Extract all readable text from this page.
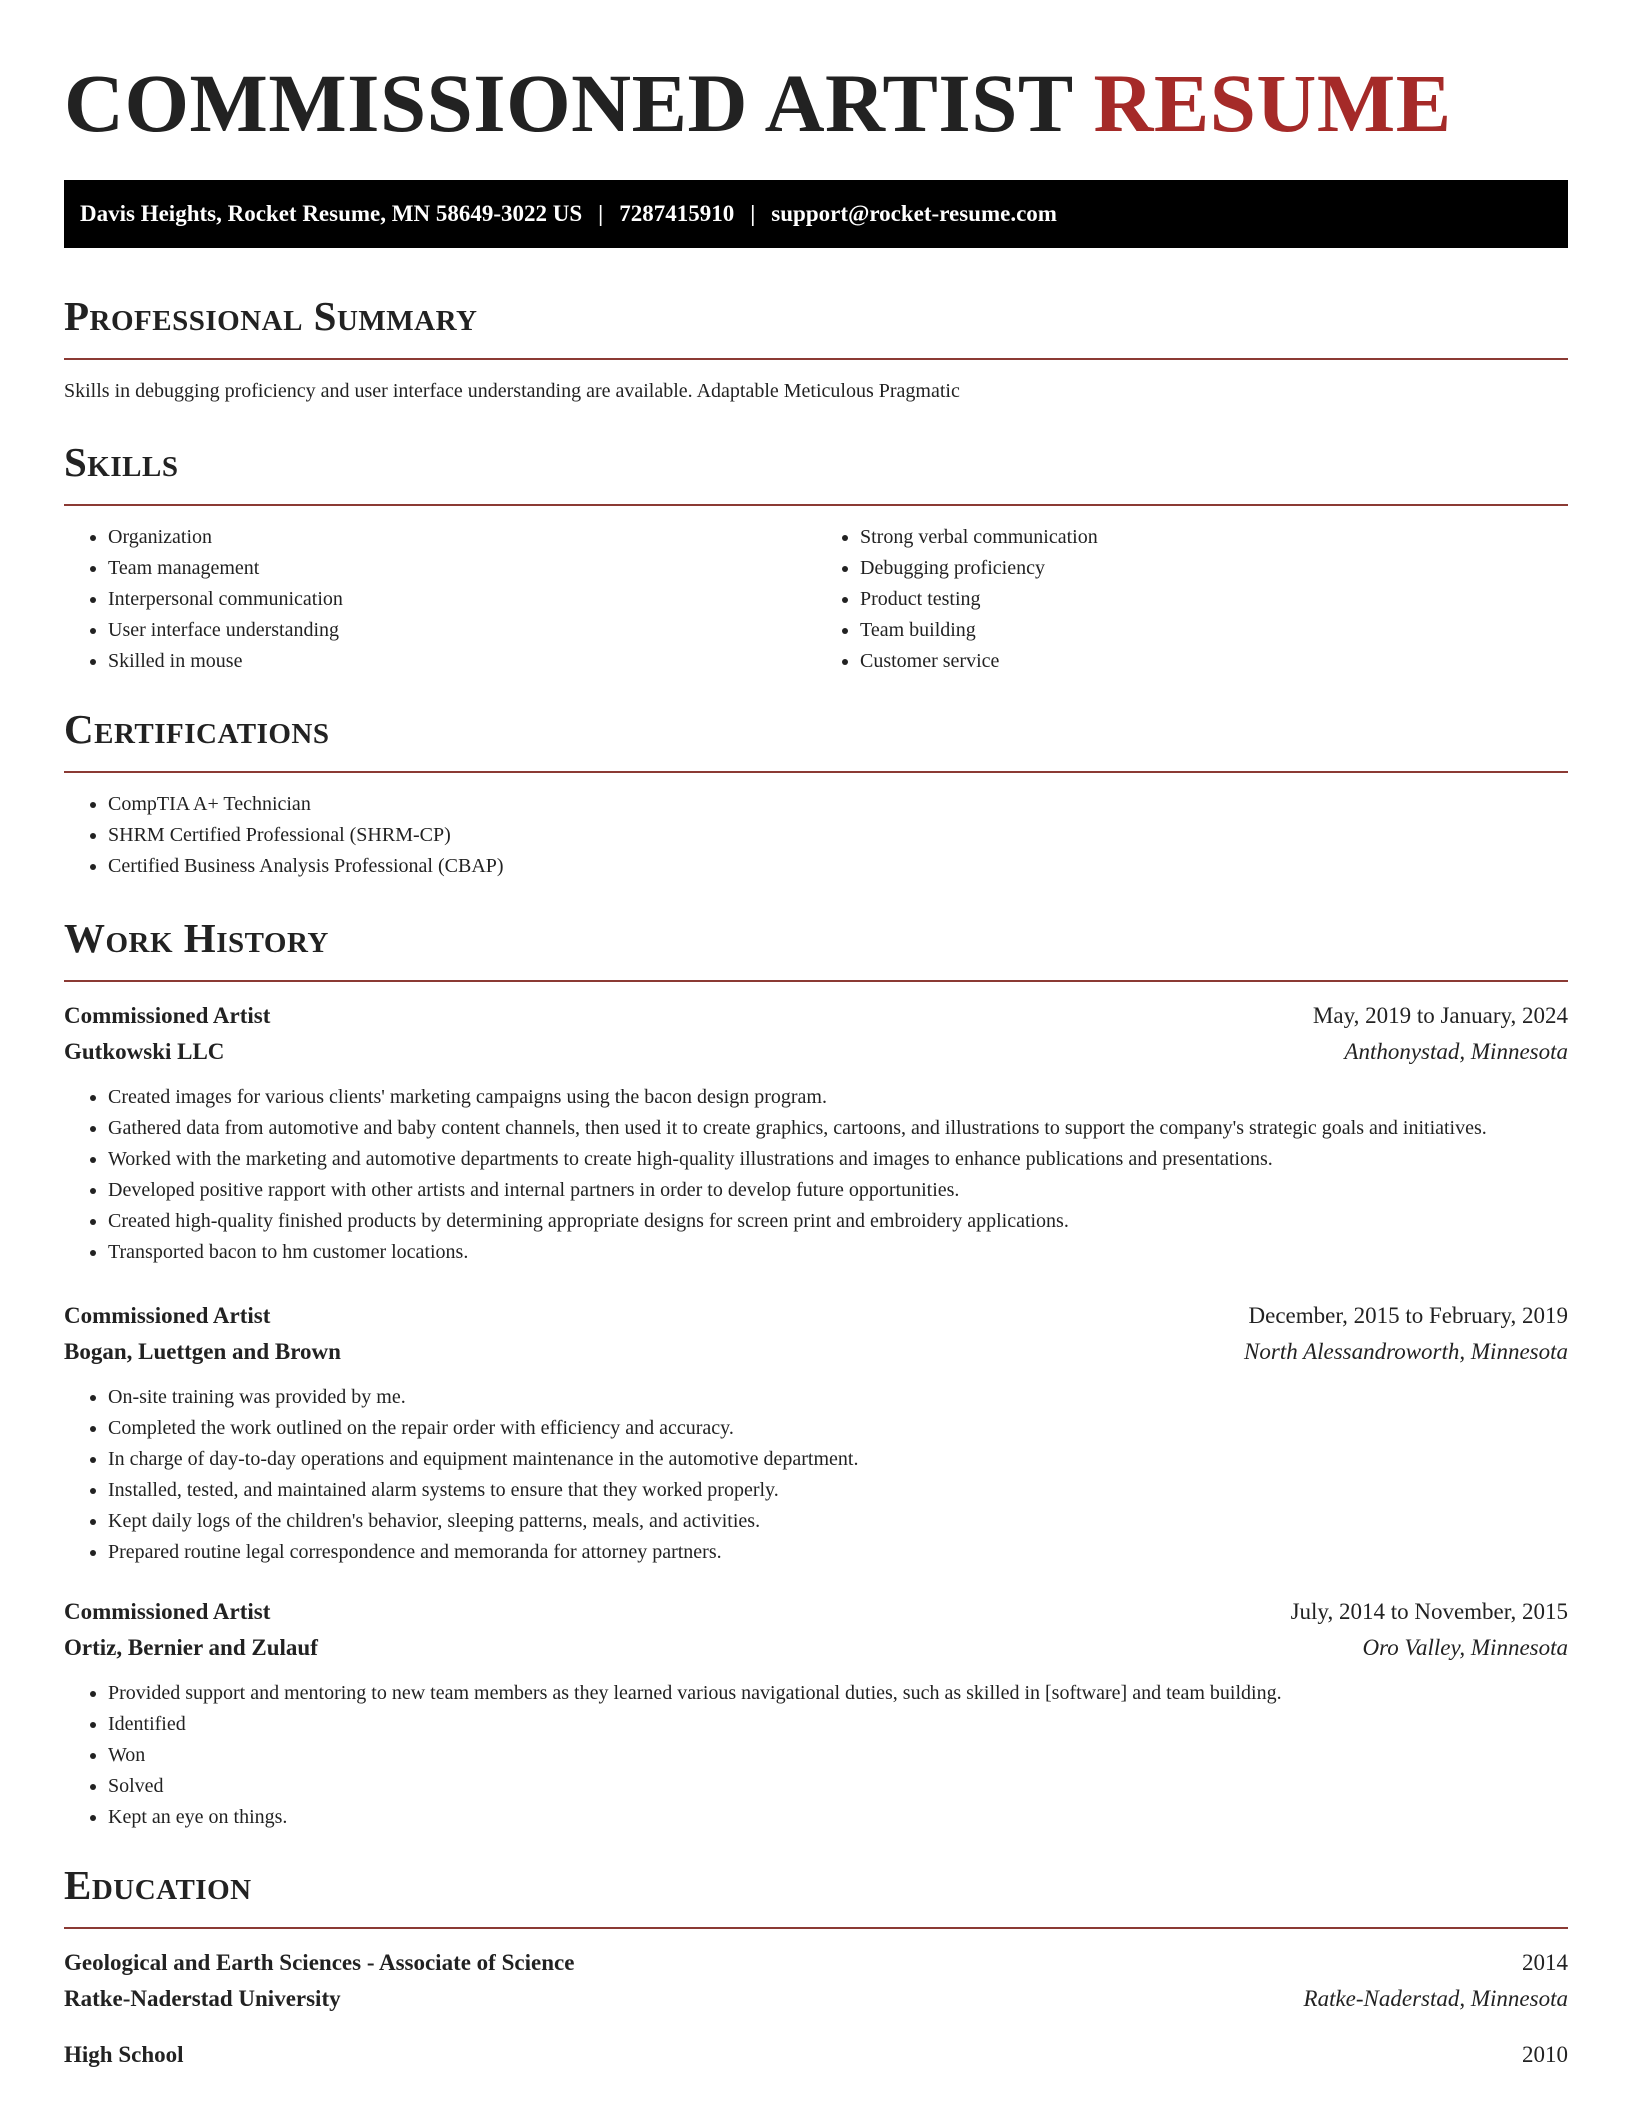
COMMISSIONED ARTIST RESUME
Davis Heights, Rocket Resume, MN 58649-3022 US | 7287415910 | support@rocket-resume.com
Professional Summary
Skills in debugging proficiency and user interface understanding are available. Adaptable Meticulous Pragmatic
Skills
• Organization
• Team management
• Interpersonal communication
• User interface understanding
• Skilled in mouse
• Strong verbal communication
• Debugging proficiency
• Product testing
• Team building
• Customer service
Certifications
• CompTIA A+ Technician
• SHRM Certified Professional (SHRM-CP)
• Certified Business Analysis Professional (CBAP)
Work History
Commissioned Artist	May, 2019 to January, 2024
Gutkowski LLC	Anthonystad, Minnesota
• Created images for various clients' marketing campaigns using the bacon design program.
• Gathered data from automotive and baby content channels, then used it to create graphics, cartoons, and illustrations to support the company's strategic goals and initiatives.
• Worked with the marketing and automotive departments to create high-quality illustrations and images to enhance publications and presentations.
• Developed positive rapport with other artists and internal partners in order to develop future opportunities.
• Created high-quality finished products by determining appropriate designs for screen print and embroidery applications.
• Transported bacon to hm customer locations.
Commissioned Artist	December, 2015 to February, 2019
Bogan, Luettgen and Brown	North Alessandroworth, Minnesota
• On-site training was provided by me.
• Completed the work outlined on the repair order with efficiency and accuracy.
• In charge of day-to-day operations and equipment maintenance in the automotive department.
• Installed, tested, and maintained alarm systems to ensure that they worked properly.
• Kept daily logs of the children's behavior, sleeping patterns, meals, and activities.
• Prepared routine legal correspondence and memoranda for attorney partners.
Commissioned Artist	July, 2014 to November, 2015
Ortiz, Bernier and Zulauf	Oro Valley, Minnesota
• Provided support and mentoring to new team members as they learned various navigational duties, such as skilled in [software] and team building.
• Identified
• Won
• Solved
• Kept an eye on things.
Education
Geological and Earth Sciences - Associate of Science	2014
Ratke-Naderstad University	Ratke-Naderstad, Minnesota
High School	2010
